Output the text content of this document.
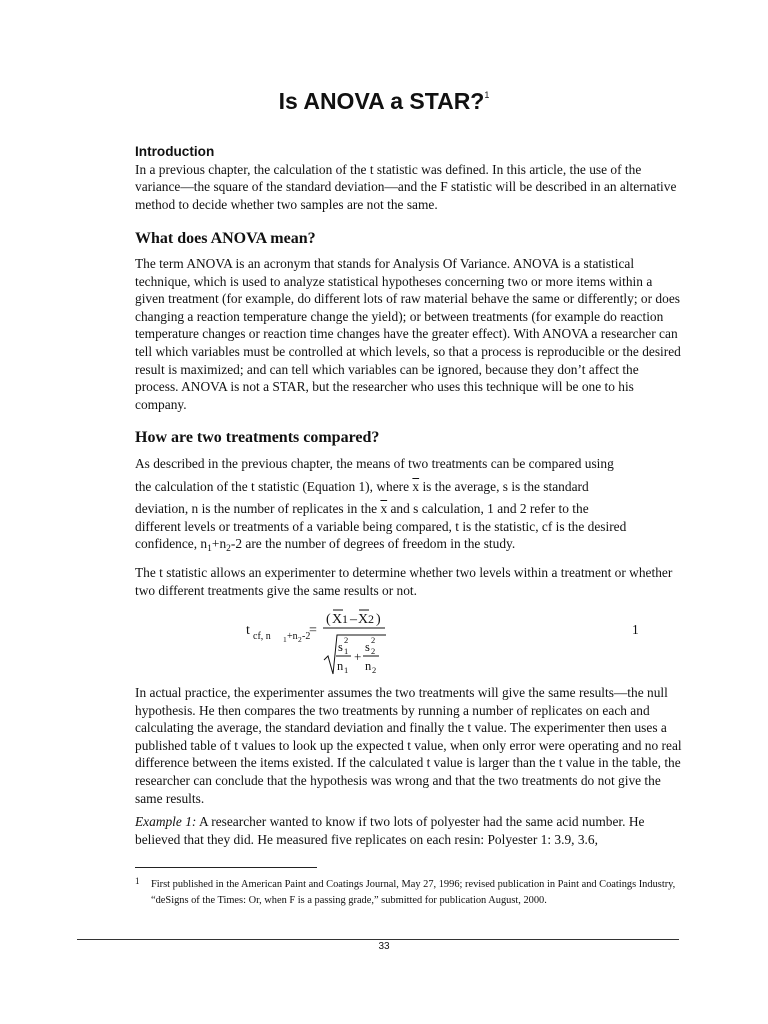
Is ANOVA a STAR?$^1$
Introduction

In a previous chapter, the calculation of the t statistic was defined. In this article, the use of the variance—the square of the standard deviation—and the F statistic will be described in an alternative method to decide whether two samples are not the same.

What does ANOVA mean?

The term ANOVA is an acronym that stands for Analysis Of Variance. ANOVA is a statistical technique, which is used to analyze statistical hypotheses concerning two or more items within a given treatment (for example, do different lots of raw material behave the same or differently; or does changing a reaction temperature change the yield); or between treatments (for example do reaction temperature changes or reaction time changes have the greater effect). With ANOVA a researcher can tell which variables must be controlled at which levels, so that a process is reproducible or the desired result is maximized; and can tell which variables can be ignored, because they don’t affect the process. ANOVA is not a STAR, but the researcher who uses this technique will be one to his company.

How are two treatments compared?
As described in the previous chapter, the means of two treatments can be compared using
the calculation of the t statistic (Equation 1), where $\overline{x}$ is the average, s is the standard
deviation, n is the number of replicates in the $\overline{x}$ and s calculation, 1 and 2 refer to the
different levels or treatments of a variable being compared, t is the statistic, cf is the desired
confidence, $n_1+n_2-2$ are the number of degrees of freedom in the study.

The t statistic allows an experimenter to determine whether two levels within a treatment or whether two different treatments give the same results or not.

t cf, n 1 +n 2 -2
=
( X 1 – X 2 )
s 2
1
n 1
+
s 2
2
n 2
1

In actual practice, the experimenter assumes the two treatments will give the same results—the null hypothesis. He then compares the two treatments by running a number of replicates on each and calculating the average, the standard deviation and finally the t value. The experimenter then uses a published table of t values to look up the expected t value, when only error were operating and no real difference between the items existed. If the calculated t value is larger than the t value in the table, the researcher can conclude that the hypothesis was wrong and that the two treatments do not give the same results.

Example 1: A researcher wanted to know if two lots of polyester had the same acid number. He believed that they did. He measured five replicates on each resin: Polyester 1: 3.9, 3.6,

1 First published in the American Paint and Coatings Journal, May 27, 1996; revised publication in Paint and Coatings Industry, “deSigns of the Times: Or, when F is a passing grade,” submitted for publication August, 2000.
33
